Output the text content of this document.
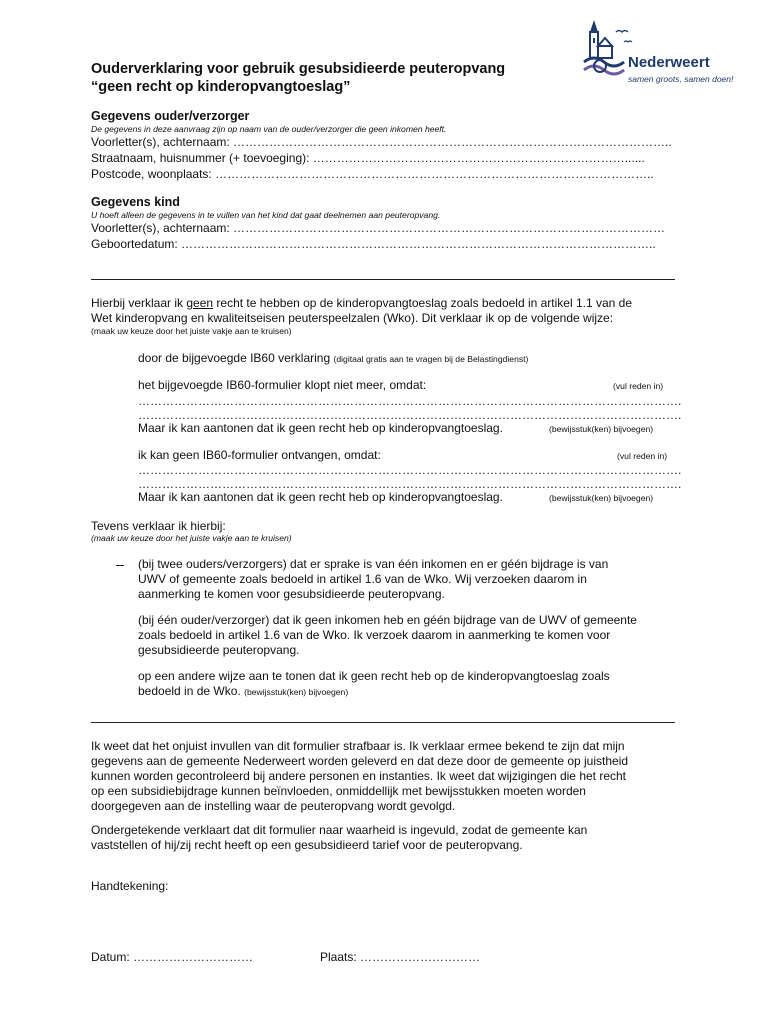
Nederweert
samen groots, samen doen!
Ouderverklaring voor gebruik gesubsidieerde peuteropvang
“geen recht op kinderopvangtoeslag”
Gegevens ouder/verzorger
De gegevens in deze aanvraag zijn op naam van de ouder/verzorger die geen inkomen heeft.
Voorletter(s), achternaam: ………………………………………………………………………………………………..
Straatnaam, huisnummer (+ toevoeging): ……………………………………………………………………......
Postcode, woonplaats: ………………………………………………………………………………………………..
Gegevens kind
U hoeft alleen de gegevens in te vullen van het kind dat gaat deelnemen aan peuteropvang.
Voorletter(s), achternaam: ………………………………………………………………………………………………
Geboortedatum: ………………………………………………………………………………………………………..
Hierbij verklaar ik geen recht te hebben op de kinderopvangtoeslag zoals bedoeld in artikel 1.1 van de
Wet kinderopvang en kwaliteitseisen peuterspeelzalen (Wko). Dit verklaar ik op de volgende wijze:
(maak uw keuze door het juiste vakje aan te kruisen)
door de bijgevoegde IB60 verklaring (digitaal gratis aan te vragen bij de Belastingdienst)
het bijgevoegde IB60-formulier klopt niet meer, omdat:	(vul reden in)
……………………………………………………………………………………………………………………….
……………………………………………………………………………………………………………………….
Maar ik kan aantonen dat ik geen recht heb op kinderopvangtoeslag.	(bewijsstuk(ken) bijvoegen)
ik kan geen IB60-formulier ontvangen, omdat:	(vul reden in)
……………………………………………………………………………………………………………………….
……………………………………………………………………………………………………………………….
Maar ik kan aantonen dat ik geen recht heb op kinderopvangtoeslag.	(bewijsstuk(ken) bijvoegen)
Tevens verklaar ik hierbij:
(maak uw keuze door het juiste vakje aan te kruisen)
(bij twee ouders/verzorgers) dat er sprake is van één inkomen en er géén bijdrage is van
UWV of gemeente zoals bedoeld in artikel 1.6 van de Wko. Wij verzoeken daarom in
aanmerking te komen voor gesubsidieerde peuteropvang.
(bij één ouder/verzorger) dat ik geen inkomen heb en géén bijdrage van de UWV of gemeente
zoals bedoeld in artikel 1.6 van de Wko. Ik verzoek daarom in aanmerking te komen voor
gesubsidieerde peuteropvang.
op een andere wijze aan te tonen dat ik geen recht heb op de kinderopvangtoeslag zoals
bedoeld in de Wko. (bewijsstuk(ken) bijvoegen)
Ik weet dat het onjuist invullen van dit formulier strafbaar is. Ik verklaar ermee bekend te zijn dat mijn
gegevens aan de gemeente Nederweert worden geleverd en dat deze door de gemeente op juistheid
kunnen worden gecontroleerd bij andere personen en instanties. Ik weet dat wijzigingen die het recht
op een subsidiebijdrage kunnen beïnvloeden, onmiddellijk met bewijsstukken moeten worden
doorgegeven aan de instelling waar de peuteropvang wordt gevolgd.
Ondergetekende verklaart dat dit formulier naar waarheid is ingevuld, zodat de gemeente kan
vaststellen of hij/zij recht heeft op een gesubsidieerd tarief voor de peuteropvang.
Handtekening:
Datum: …………………………	Plaats: …………………………
